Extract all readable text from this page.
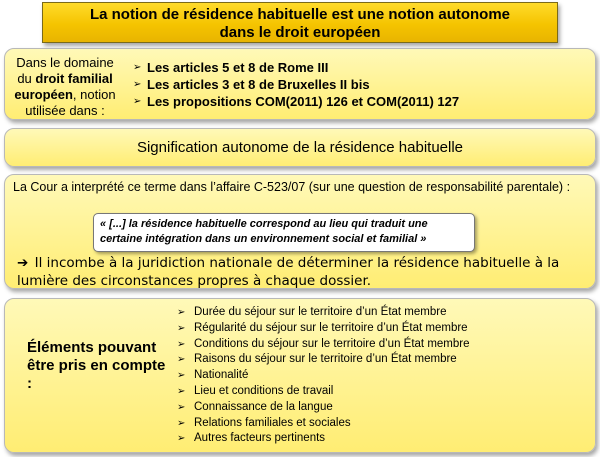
La notion de résidence habituelle est une notion autonome
dans le droit européen
Dans le domaine du droit familial européen, notion utilisée dans :
➢ Les articles 5 et 8 de Rome III
➢ Les articles 3 et 8 de Bruxelles II bis
➢ Les propositions COM(2011) 126 et COM(2011) 127
Signification autonome de la résidence habituelle
La Cour a interprété ce terme dans l’affaire C-523/07 (sur une question de responsabilité parentale) :
« [...] la résidence habituelle correspond au lieu qui traduit une certaine intégration dans un environnement social et familial »
➔ Il incombe à la juridiction nationale de déterminer la résidence habituelle à la lumière des circonstances propres à chaque dossier.
Éléments pouvant être pris en compte :
➢ Durée du séjour sur le territoire d’un État membre
➢ Régularité du séjour sur le territoire d’un État membre
➢ Conditions du séjour sur le territoire d’un État membre
➢ Raisons du séjour sur le territoire d’un État membre
➢ Nationalité
➢ Lieu et conditions de travail
➢ Connaissance de la langue
➢ Relations familiales et sociales
➢ Autres facteurs pertinents
